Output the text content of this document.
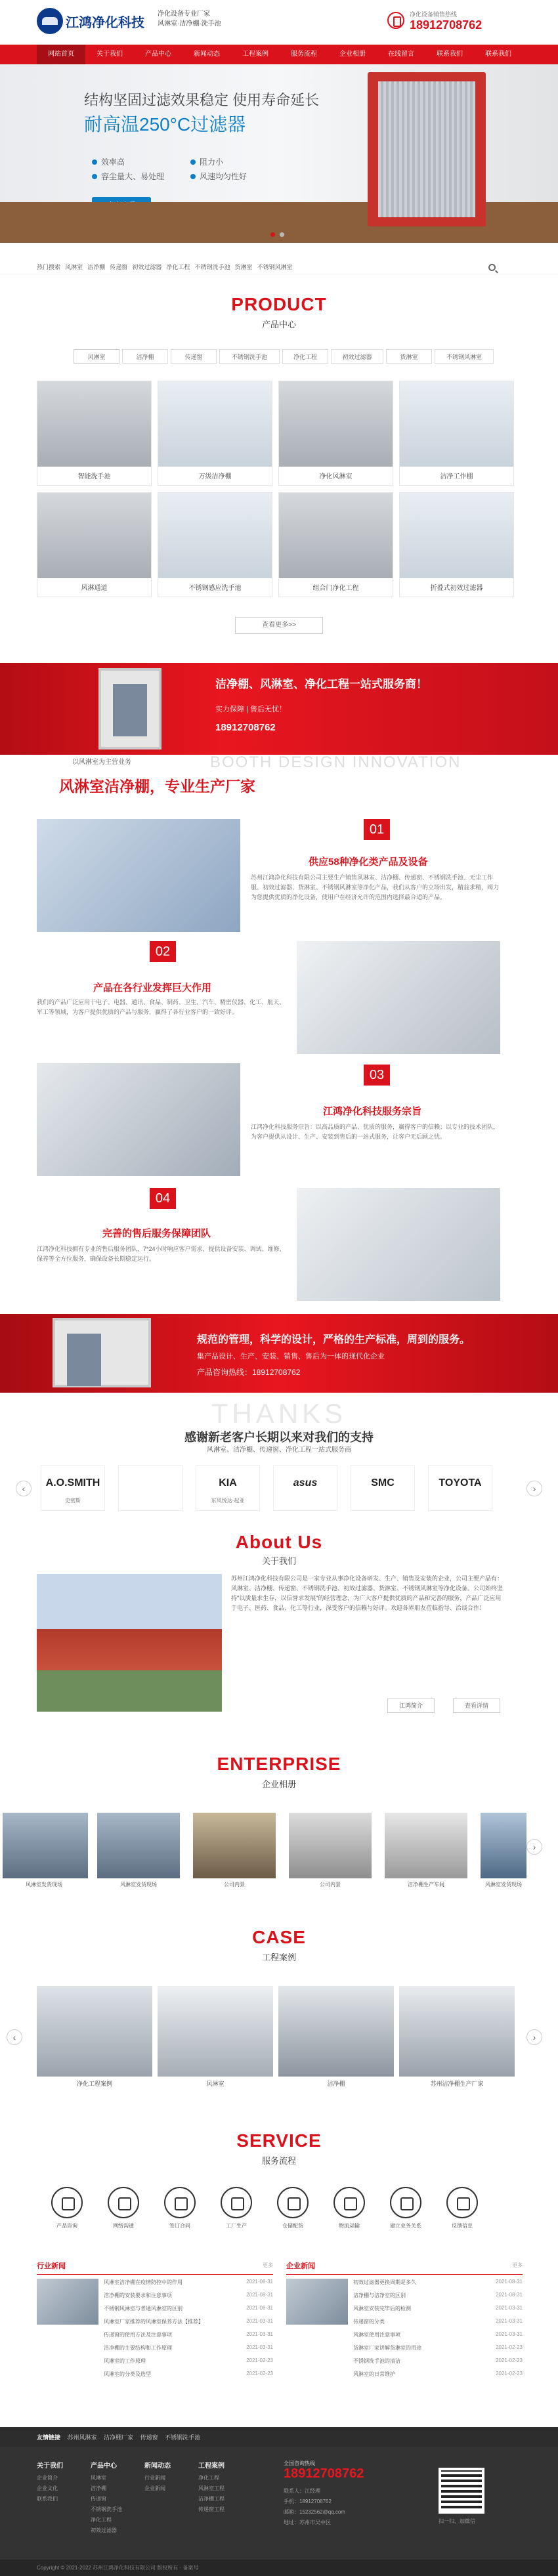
江鸿净化科技
净化设备专业厂家
风淋室·洁净棚·洗手池
净化设备销售热线
18912708762
网站首页	关于我们	产品中心	新闻动态	工程案例	服务流程	企业相册	在线留言	联系我们	联系我们
结构坚固过滤效果稳定 使用寿命延长
耐高温250°C过滤器
效率高	阻力小
容尘量大、易处理	风速均匀性好
热门搜索 风淋室 洁净棚 传递窗 初效过滤器 净化工程 不锈钢洗手池 货淋室 不锈钢风淋室
PRODUCT
产品中心
风淋室	洁净棚	传递窗	不锈钢洗手池	净化工程	初效过滤器	货淋室	不锈钢风淋室
智能洗手池	万级洁净棚	净化风淋室	洁净工作棚
风淋通道	不锈钢感应洗手池	组合门净化工程	折叠式初效过滤器
查看更多>>
洁净棚、风淋室、净化工程一站式服务商！
实力保障 | 售后无忧！
18912708762
BOOTH DESIGN INNOVATION
以风淋室为主营业务
风淋室洁净棚，专业生产厂家
01
供应58种净化类产品及设备
苏州江鸿净化科技有限公司主要生产销售风淋室、洁净棚、传递窗、不锈钢洗手池、无尘工作服、初效过滤器、货淋室、不锈钢风淋室等净化产品，我们从客户的立场出发，精益求精，竭力为您提供优质的净化设备，使用户在经济允许的范围内选择最合适的产品。
02
产品在各行业发挥巨大作用
我们的产品广泛应用于电子、电器、通讯、食品、制药、卫生、汽车、精密仪器、化工、航天、军工等领域，为客户提供优质的产品与服务，赢得了各行业客户的一致好评。
03
江鸿净化科技服务宗旨
江鸿净化科技服务宗旨：以高品质的产品、优质的服务，赢得客户的信赖；以专业的技术团队，为客户提供从设计、生产、安装到售后的一站式服务，让客户无后顾之忧。
04
完善的售后服务保障团队
江鸿净化科技拥有专业的售后服务团队，7*24小时响应客户需求，提供设备安装、调试、维修、保养等全方位服务，确保设备长期稳定运行。
规范的管理，科学的设计，严格的生产标准，周到的服务。
集产品设计、生产、安装、销售、售后为一体的现代化企业
产品咨询热线：18912708762
THANKS
感谢新老客户长期以来对我们的支持
风淋室、洁净棚、传递窗、净化工程一站式服务商
‹	A.O.SMITH
史密斯
KIA
东风悦达·起亚
asus	SMC	TOYOTA	›
About Us
关于我们
苏州江鸿净化科技有限公司是一家专业从事净化设备研发、生产、销售及安装的企业，公司主要产品有：风淋室、洁净棚、传递窗、不锈钢洗手池、初效过滤器、货淋室、不锈钢风淋室等净化设备。公司始终坚持"以质量求生存，以信誉求发展"的经营理念，为广大客户提供优质的产品和完善的服务，产品广泛应用于电子、医药、食品、化工等行业，深受客户的信赖与好评。欢迎各界朋友莅临指导、洽谈合作！
江鸿简介	查看详情
ENTERPRISE
企业相册
风淋室发货现场	公司内景	公司内景	洁净棚生产车间	风淋室发货现场
风淋室发货现场
›
CASE
工程案例
‹
净化工程案例	风淋室	洁净棚	苏州洁净棚生产厂家
›
SERVICE
服务流程
产品咨询	网络沟通	签订合同	工厂生产	仓储配货	物流运输	建立业务关系	反馈信息
行业新闻	更多 企业新闻	更多
风淋室洁净棚在疫情防控中的作用	2021-08-31
洁净棚的安装要求和注意事项	2021-08-31
不锈钢风淋室与普通风淋室的区别	2021-08-31
风淋室厂家推荐的风淋室保养方法【推荐】	2021-03-31
传递窗的使用方法及注意事项	2021-03-31
洁净棚的主要结构和工作原理	2021-03-31
风淋室的工作原理	2021-02-23
风淋室的分类及选型	2021-02-23
初效过滤器更换周期是多久	2021-08-31
洁净棚与洁净室的区别	2021-08-31
风淋室安装完毕后的检测	2021-03-31
传递窗的分类	2021-03-31
风淋室使用注意事项	2021-03-31
货淋室厂家讲解货淋室的用途	2021-02-23
不锈钢洗手池的清洁	2021-02-23
风淋室的日常维护	2021-02-23
友情链接 苏州风淋室 洁净棚厂家 传递窗 不锈钢洗手池
关于我们
企业简介
企业文化
联系我们
产品中心
风淋室
洁净棚
传递窗
不锈钢洗手池
净化工程
初效过滤器
新闻动态
行业新闻
企业新闻
工程案例
净化工程
风淋室工程
洁净棚工程
传递窗工程
全国咨询热线
18912708762
联系人：江经理
手机：18912708762
邮箱：15232562@qq.com
地址：苏州市吴中区	扫一扫，加微信
Copyright © 2021-2022 苏州江鸿净化科技有限公司 版权所有 · 备案号
